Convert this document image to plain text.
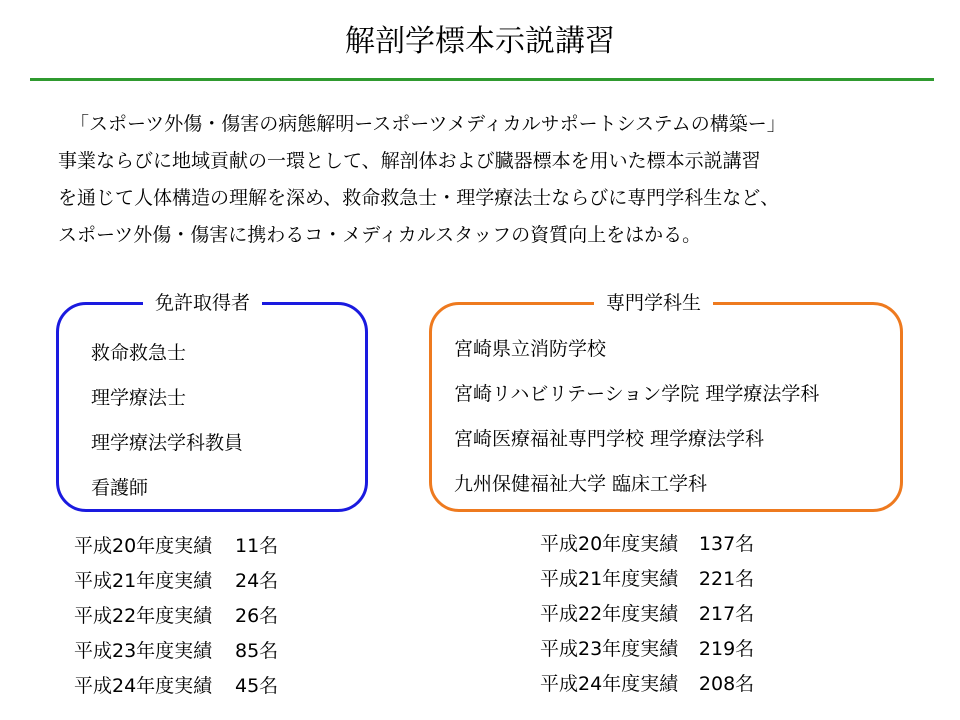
解剖学標本示説講習

「スポーツ外傷・傷害の病態解明ースポーツメディカルサポートシステムの構築ー」

事業ならびに地域貢献の一環として、解剖体および臓器標本を用いた標本示説講習

を通じて人体構造の理解を深め、救命救急士・理学療法士ならびに専門学科生など、

スポーツ外傷・傷害に携わるコ・メディカルスタッフの資質向上をはかる。

免許取得者
救命救急士
理学療法士
理学療法学科教員
看護師
専門学科生
宮崎県立消防学校
宮崎リハビリテーション学院 理学療法学科
宮崎医療福祉専門学校 理学療法学科
九州保健福祉大学 臨床工学科
平成20年度実績 11名
平成21年度実績 24名
平成22年度実績 26名
平成23年度実績 85名
平成24年度実績 45名
平成20年度実績 137名
平成21年度実績 221名
平成22年度実績 217名
平成23年度実績 219名
平成24年度実績 208名
